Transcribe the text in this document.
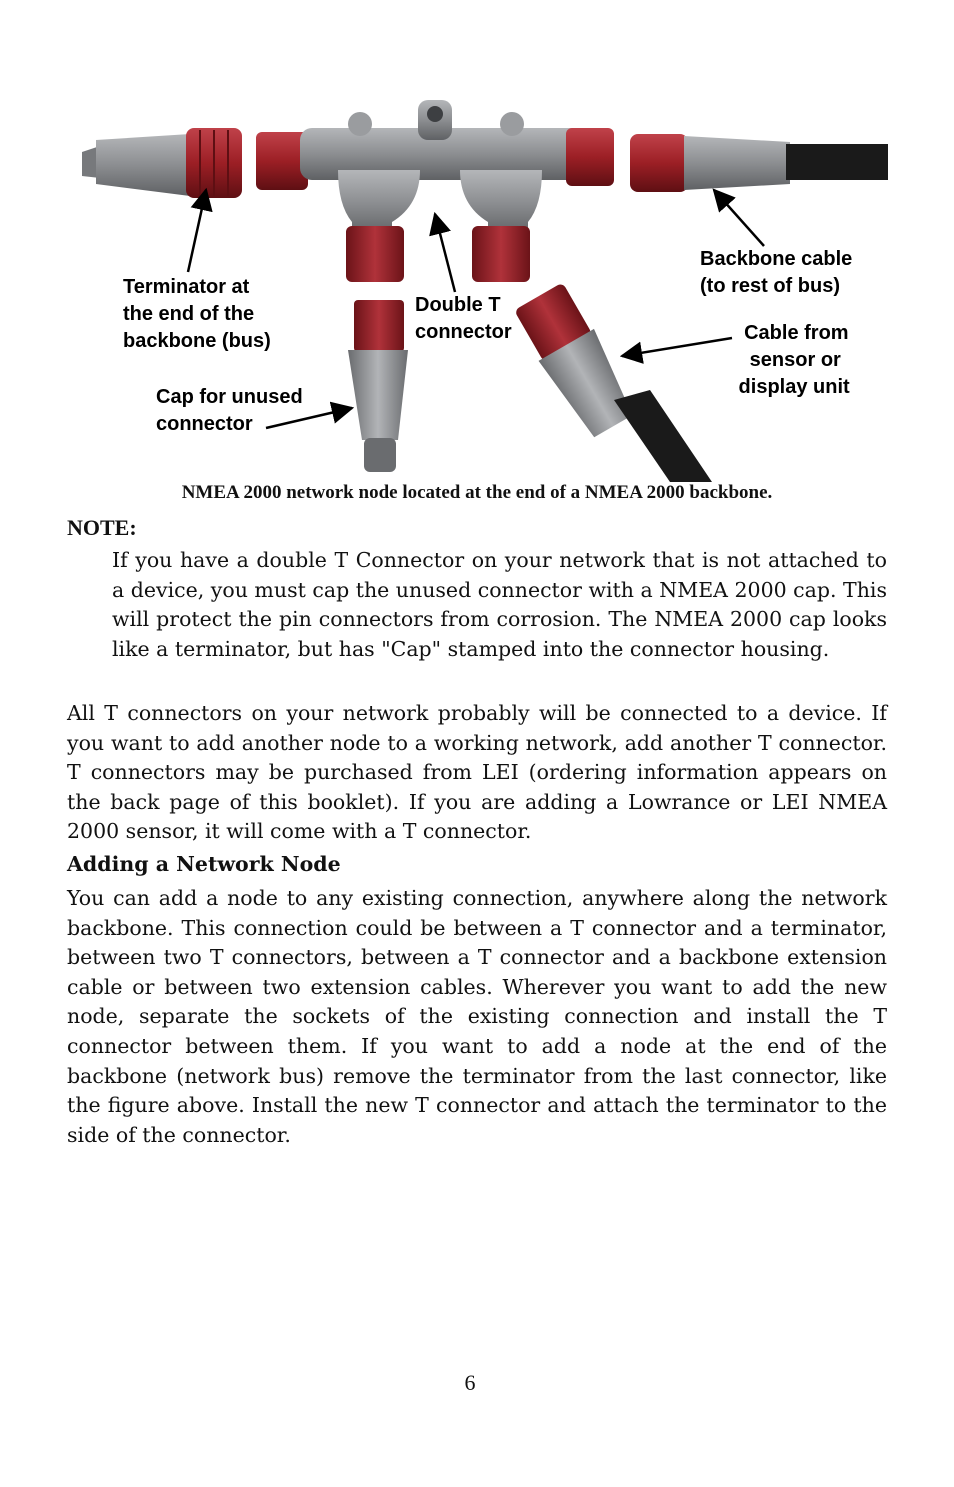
Terminator at
the end of the
backbone (bus)
Double T
connector
Backbone cable
(to rest of bus)
Cable from
sensor or
display unit
Cap for unused
connector
NMEA 2000 network node located at the end of a NMEA 2000 backbone.
NOTE:
If you have a double T Connector on your network that is not attached to a device, you must cap the unused connector with a NMEA 2000 cap. This will protect the pin connectors from corrosion. The NMEA 2000 cap looks like a terminator, but has "Cap" stamped into the connector housing.
All T connectors on your network probably will be connected to a device. If you want to add another node to a working network, add another T connector. T connectors may be purchased from LEI (ordering information appears on the back page of this booklet). If you are adding a Lowrance or LEI NMEA 2000 sensor, it will come with a T connector.
Adding a Network Node
You can add a node to any existing connection, anywhere along the network backbone. This connection could be between a T connector and a terminator, between two T connectors, between a T connector and a backbone extension cable or between two extension cables. Wherever you want to add the new node, separate the sockets of the existing connection and install the T connector between them. If you want to add a node at the end of the backbone (network bus) remove the terminator from the last connector, like the figure above. Install the new T connector and attach the terminator to the side of the connector.
6
